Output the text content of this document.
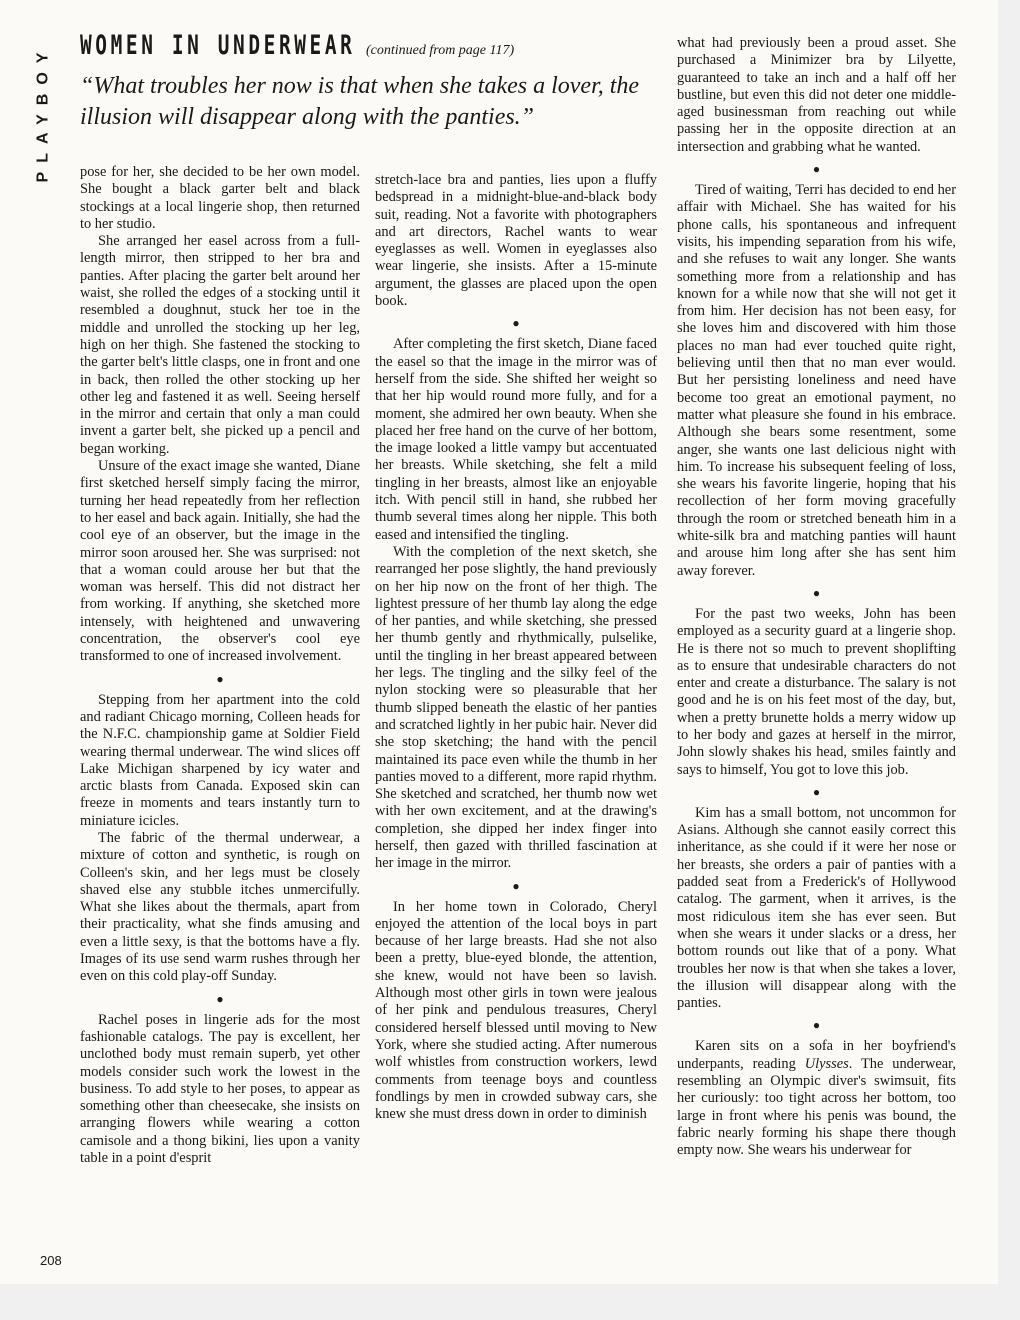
PLAYBOY WOMEN IN UNDERWEAR (continued from page 117)
“What troubles her now is that when she takes a lover, the illusion will disappear along with the panties.”

pose for her, she decided to be her own model. She bought a black garter belt and black stockings at a local lingerie shop, then returned to her studio.

She arranged her easel across from a full-length mirror, then stripped to her bra and panties. After placing the garter belt around her waist, she rolled the edges of a stocking until it resembled a doughnut, stuck her toe in the middle and unrolled the stocking up her leg, high on her thigh. She fastened the stocking to the garter belt's little clasps, one in front and one in back, then rolled the other stocking up her other leg and fastened it as well. Seeing herself in the mirror and certain that only a man could invent a garter belt, she picked up a pencil and began working.

Unsure of the exact image she wanted, Diane first sketched herself simply facing the mirror, turning her head repeatedly from her reflection to her easel and back again. Initially, she had the cool eye of an observer, but the image in the mirror soon aroused her. She was surprised: not that a woman could arouse her but that the woman was herself. This did not distract her from working. If anything, she sketched more intensely, with heightened and unwavering concentration, the observer's cool eye transformed to one of increased involvement.

●

Stepping from her apartment into the cold and radiant Chicago morning, Colleen heads for the N.F.C. championship game at Soldier Field wearing thermal underwear. The wind slices off Lake Michigan sharpened by icy water and arctic blasts from Canada. Exposed skin can freeze in moments and tears instantly turn to miniature icicles.

The fabric of the thermal underwear, a mixture of cotton and synthetic, is rough on Colleen's skin, and her legs must be closely shaved else any stubble itches unmercifully. What she likes about the thermals, apart from their practicality, what she finds amusing and even a little sexy, is that the bottoms have a fly. Images of its use send warm rushes through her even on this cold play-off Sunday.

●

Rachel poses in lingerie ads for the most fashionable catalogs. The pay is excellent, her unclothed body must remain superb, yet other models consider such work the lowest in the business. To add style to her poses, to appear as something other than cheesecake, she insists on arranging flowers while wearing a cotton camisole and a thong bikini, lies upon a vanity table in a point d'esprit

stretch-lace bra and panties, lies upon a fluffy bedspread in a midnight-blue-and-black body suit, reading. Not a favorite with photographers and art directors, Rachel wants to wear eyeglasses as well. Women in eyeglasses also wear lingerie, she insists. After a 15-minute argument, the glasses are placed upon the open book.

●

After completing the first sketch, Diane faced the easel so that the image in the mirror was of herself from the side. She shifted her weight so that her hip would round more fully, and for a moment, she admired her own beauty. When she placed her free hand on the curve of her bottom, the image looked a little vampy but accentuated her breasts. While sketching, she felt a mild tingling in her breasts, almost like an enjoyable itch. With pencil still in hand, she rubbed her thumb several times along her nipple. This both eased and intensified the tingling.

With the completion of the next sketch, she rearranged her pose slightly, the hand previously on her hip now on the front of her thigh. The lightest pressure of her thumb lay along the edge of her panties, and while sketching, she pressed her thumb gently and rhythmically, pulselike, until the tingling in her breast appeared between her legs. The tingling and the silky feel of the nylon stocking were so pleasurable that her thumb slipped beneath the elastic of her panties and scratched lightly in her pubic hair. Never did she stop sketching; the hand with the pencil maintained its pace even while the thumb in her panties moved to a different, more rapid rhythm. She sketched and scratched, her thumb now wet with her own excitement, and at the drawing's completion, she dipped her index finger into herself, then gazed with thrilled fascination at her image in the mirror.

●

In her home town in Colorado, Cheryl enjoyed the attention of the local boys in part because of her large breasts. Had she not also been a pretty, blue-eyed blonde, the attention, she knew, would not have been so lavish. Although most other girls in town were jealous of her pink and pendulous treasures, Cheryl considered herself blessed until moving to New York, where she studied acting. After numerous wolf whistles from construction workers, lewd comments from teenage boys and countless fondlings by men in crowded subway cars, she knew she must dress down in order to diminish

what had previously been a proud asset. She purchased a Minimizer bra by Lilyette, guaranteed to take an inch and a half off her bustline, but even this did not deter one middle-aged businessman from reaching out while passing her in the opposite direction at an intersection and grabbing what he wanted.

●

Tired of waiting, Terri has decided to end her affair with Michael. She has waited for his phone calls, his spontaneous and infrequent visits, his impending separation from his wife, and she refuses to wait any longer. She wants something more from a relationship and has known for a while now that she will not get it from him. Her decision has not been easy, for she loves him and discovered with him those places no man had ever touched quite right, believing until then that no man ever would. But her persisting loneliness and need have become too great an emotional payment, no matter what pleasure she found in his embrace. Although she bears some resentment, some anger, she wants one last delicious night with him. To increase his subsequent feeling of loss, she wears his favorite lingerie, hoping that his recollection of her form moving gracefully through the room or stretched beneath him in a white-silk bra and matching panties will haunt and arouse him long after she has sent him away forever.

●

For the past two weeks, John has been employed as a security guard at a lingerie shop. He is there not so much to prevent shoplifting as to ensure that undesirable characters do not enter and create a disturbance. The salary is not good and he is on his feet most of the day, but, when a pretty brunette holds a merry widow up to her body and gazes at herself in the mirror, John slowly shakes his head, smiles faintly and says to himself, You got to love this job.

●

Kim has a small bottom, not uncommon for Asians. Although she cannot easily correct this inheritance, as she could if it were her nose or her breasts, she orders a pair of panties with a padded seat from a Frederick's of Hollywood catalog. The garment, when it arrives, is the most ridiculous item she has ever seen. But when she wears it under slacks or a dress, her bottom rounds out like that of a pony. What troubles her now is that when she takes a lover, the illusion will disappear along with the panties.

●

Karen sits on a sofa in her boyfriend's underpants, reading Ulysses. The underwear, resembling an Olympic diver's swimsuit, fits her curiously: too tight across her bottom, too large in front where his penis was bound, the fabric nearly forming his shape there though empty now. She wears his underwear for

208
